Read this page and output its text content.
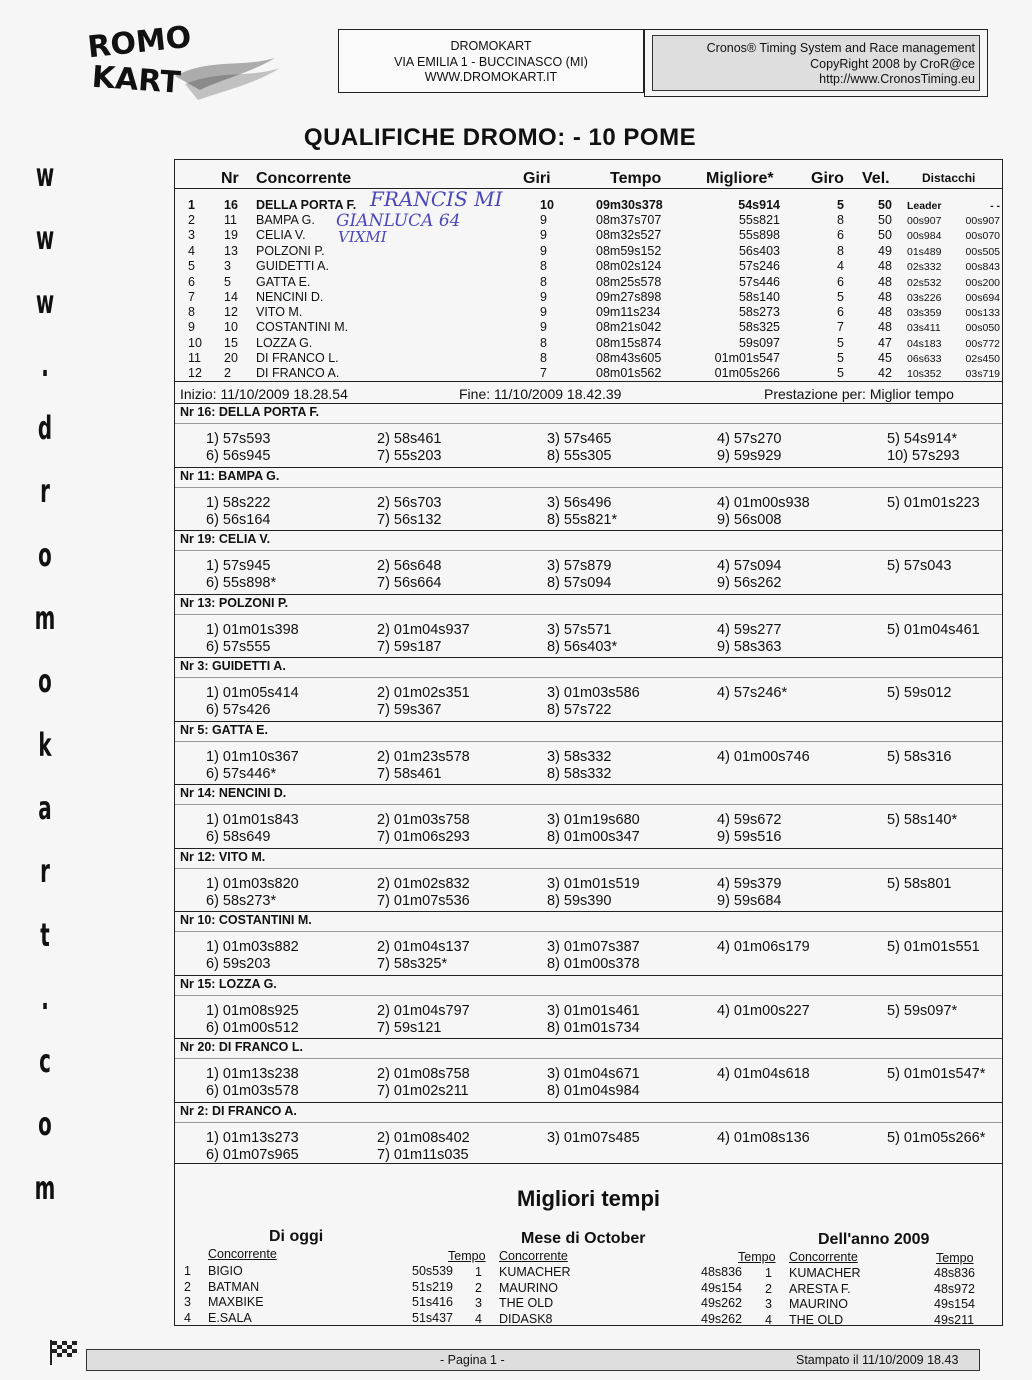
ROMO
KART
DROMOKART
VIA EMILIA 1 - BUCCINASCO (MI)
WWW.DROMOKART.IT
Cronos® Timing System and Race management
CopyRight 2008 by CroR@ce
http://www.CronosTiming.eu
w
w
w
.
d
r
o
m
o
k
a
r
t
.
c
o
m
QUALIFICHE DROMO: - 10 POME
Nr Concorrente	Giri	Tempo	Migliore* Giro Vel.	Distacchi
1 16 DELLA PORTA F.	10	09m30s378	54s914	5	50 Leader	- -
2 11 BAMPA G.	9	08m37s707	55s821	8	50 00s907	00s907
3 19 CELIA V.	9	08m32s527	55s898	6	50 00s984	00s070
4 13 POLZONI P.	9	08m59s152	56s403	8	49 01s489	00s505
5 3 GUIDETTI A.	8	08m02s124	57s246	4	48 02s332	00s843
6 5 GATTA E.	8	08m25s578	57s446	6	48 02s532	00s200
7 14 NENCINI D.	9	09m27s898	58s140	5	48 03s226	00s694
8 12 VITO M.	9	09m11s234	58s273	6	48 03s359	00s133
9 10 COSTANTINI M.	9	08m21s042	58s325	7	48 03s411	00s050
10 15 LOZZA G.	8	08m15s874	59s097	5	47 04s183	00s772
11 20 DI FRANCO L.	8	08m43s605	01m01s547	5	45 06s633	02s450
12 2 DI FRANCO A.	7	08m01s562	01m05s266	5	42 10s352	03s719
FRANCIS MI
GIANLUCA 64
VIXMI
Inizio: 11/10/2009 18.28.54	Fine: 11/10/2009 18.42.39	Prestazione per: Miglior tempo
Nr 16: DELLA PORTA F.
1) 57s593	2) 58s461	3) 57s465	4) 57s270	5) 54s914*
6) 56s945	7) 55s203	8) 55s305	9) 59s929	10) 57s293
Nr 11: BAMPA G.
1) 58s222	2) 56s703	3) 56s496	4) 01m00s938	5) 01m01s223
6) 56s164	7) 56s132	8) 55s821*	9) 56s008
Nr 19: CELIA V.
1) 57s945	2) 56s648	3) 57s879	4) 57s094	5) 57s043
6) 55s898*	7) 56s664	8) 57s094	9) 56s262
Nr 13: POLZONI P.
1) 01m01s398	2) 01m04s937	3) 57s571	4) 59s277	5) 01m04s461
6) 57s555	7) 59s187	8) 56s403*	9) 58s363
Nr 3: GUIDETTI A.
1) 01m05s414	2) 01m02s351	3) 01m03s586	4) 57s246*	5) 59s012
6) 57s426	7) 59s367	8) 57s722
Nr 5: GATTA E.
1) 01m10s367	2) 01m23s578	3) 58s332	4) 01m00s746	5) 58s316
6) 57s446*	7) 58s461	8) 58s332
Nr 14: NENCINI D.
1) 01m01s843	2) 01m03s758	3) 01m19s680	4) 59s672	5) 58s140*
6) 58s649	7) 01m06s293	8) 01m00s347	9) 59s516
Nr 12: VITO M.
1) 01m03s820	2) 01m02s832	3) 01m01s519	4) 59s379	5) 58s801
6) 58s273*	7) 01m07s536	8) 59s390	9) 59s684
Nr 10: COSTANTINI M.
1) 01m03s882	2) 01m04s137	3) 01m07s387	4) 01m06s179	5) 01m01s551
6) 59s203	7) 58s325*	8) 01m00s378
Nr 15: LOZZA G.
1) 01m08s925	2) 01m04s797	3) 01m01s461	4) 01m00s227	5) 59s097*
6) 01m00s512	7) 59s121	8) 01m01s734
Nr 20: DI FRANCO L.
1) 01m13s238	2) 01m08s758	3) 01m04s671	4) 01m04s618	5) 01m01s547*
6) 01m03s578	7) 01m02s211	8) 01m04s984
Nr 2: DI FRANCO A.
1) 01m13s273	2) 01m08s402	3) 01m07s485	4) 01m08s136	5) 01m05s266*
6) 01m07s965	7) 01m11s035
Migliori tempi
Di oggi	Mese di October	Dell'anno 2009
Concorrente	Tempo Concorrente	Tempo Concorrente	Tempo
1 BIGIO	50s539
2 BATMAN	51s219
3 MAXBIKE	51s416
4 E.SALA	51s437
1 KUMACHER	48s836
2 MAURINO	49s154
3 THE OLD	49s262
4 DIDASK8	49s262
1 KUMACHER	48s836
2 ARESTA F.	48s972
3 MAURINO	49s154
4 THE OLD	49s211
- Pagina 1 -	Stampato il 11/10/2009 18.43
